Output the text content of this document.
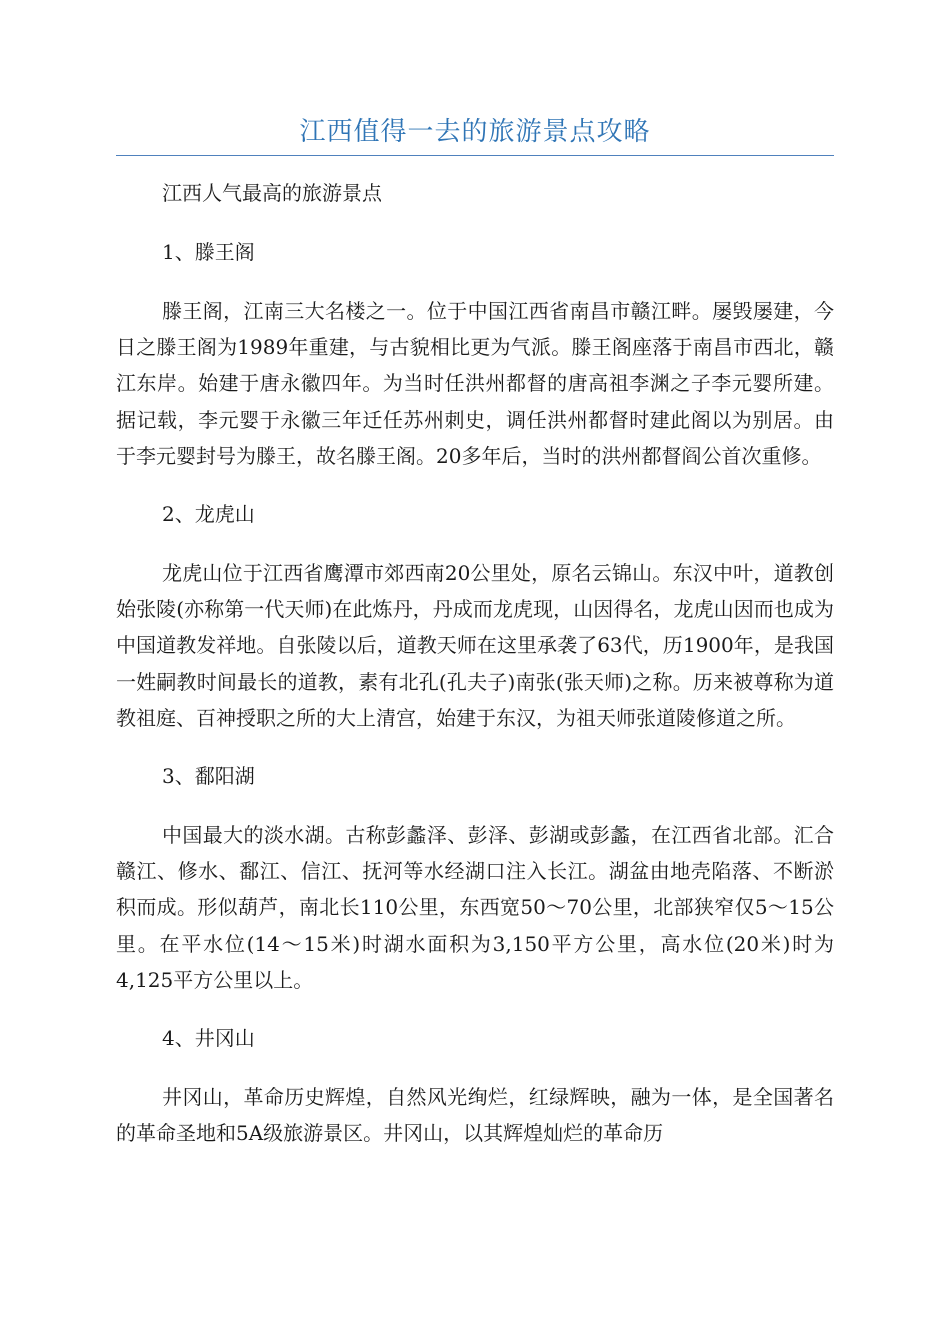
江西值得一去的旅游景点攻略

江西人气最高的旅游景点

1、滕王阁

滕王阁，江南三大名楼之一。位于中国江西省南昌市赣江畔。屡毁屡建，今日之滕王阁为1989年重建，与古貌相比更为气派。滕王阁座落于南昌市西北，赣江东岸。始建于唐永徽四年。为当时任洪州都督的唐高祖李渊之子李元婴所建。据记载，李元婴于永徽三年迁任苏州刺史，调任洪州都督时建此阁以为别居。由于李元婴封号为滕王，故名滕王阁。20多年后，当时的洪州都督阎公首次重修。

2、龙虎山

龙虎山位于江西省鹰潭市郊西南20公里处，原名云锦山。东汉中叶，道教创始张陵(亦称第一代天师)在此炼丹，丹成而龙虎现，山因得名，龙虎山因而也成为中国道教发祥地。自张陵以后，道教天师在这里承袭了63代，历1900年，是我国一姓嗣教时间最长的道教，素有北孔(孔夫子)南张(张天师)之称。历来被尊称为道教祖庭、百神授职之所的大上清宫，始建于东汉，为祖天师张道陵修道之所。

3、鄱阳湖

中国最大的淡水湖。古称彭蠡泽、彭泽、彭湖或彭蠡，在江西省北部。汇合赣江、修水、鄱江、信江、抚河等水经湖口注入长江。湖盆由地壳陷落、不断淤积而成。形似葫芦，南北长110公里，东西宽50～70公里，北部狭窄仅5～15公里。在平水位(14～15米)时湖水面积为3,150平方公里，高水位(20米)时为4,125平方公里以上。

4、井冈山

井冈山，革命历史辉煌，自然风光绚烂，红绿辉映，融为一体，是全国著名的革命圣地和5A级旅游景区。井冈山，以其辉煌灿烂的革命历
